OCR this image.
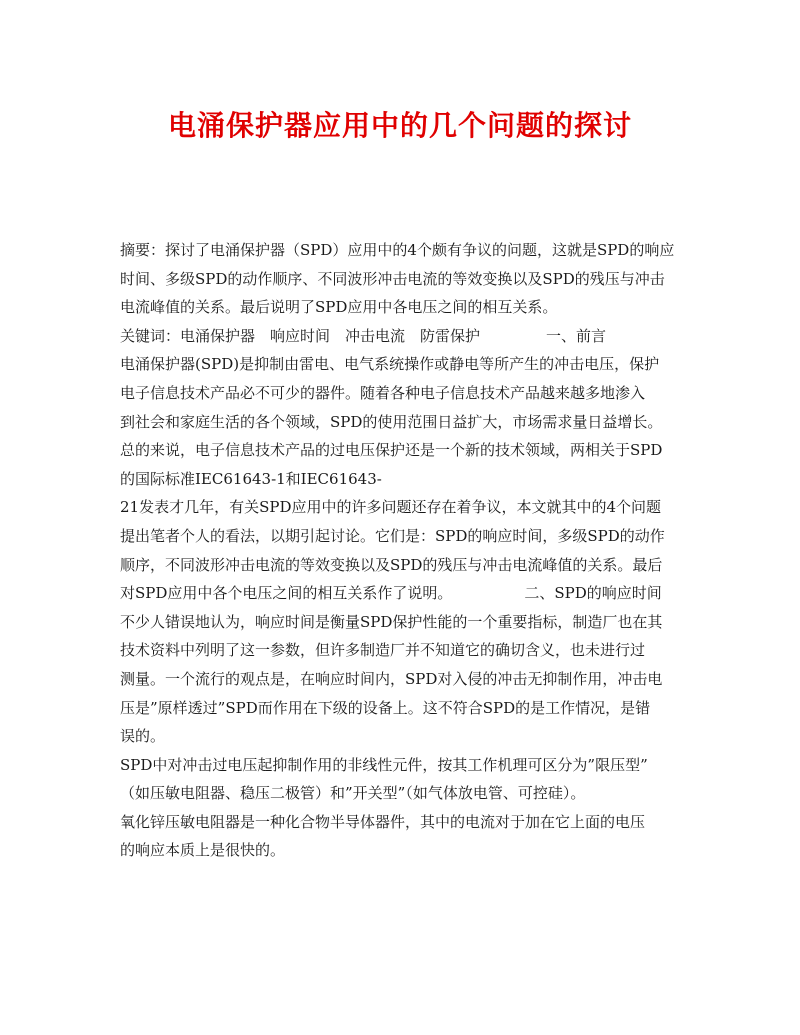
电涌保护器应用中的几个问题的探讨
摘要：探讨了电涌保护器（SPD）应用中的4个颇有争议的问题，这就是SPD的响应
时间、多级SPD的动作顺序、不同波形冲击电流的等效变换以及SPD的残压与冲击
电流峰值的关系。最后说明了SPD应用中各电压之间的相互关系。
关键词：电涌保护器　响应时间　冲击电流　防雷保护	一、前言
电涌保护器(SPD)是抑制由雷电、电气系统操作或静电等所产生的冲击电压，保护
电子信息技术产品必不可少的器件。随着各种电子信息技术产品越来越多地渗入
到社会和家庭生活的各个领域，SPD的使用范围日益扩大，市场需求量日益增长。
总的来说，电子信息技术产品的过电压保护还是一个新的技术领域，两相关于SPD
的国际标准IEC61643-1和IEC61643-
21发表才几年，有关SPD应用中的许多问题还存在着争议，本文就其中的4个问题
提出笔者个人的看法，以期引起讨论。它们是：SPD的响应时间，多级SPD的动作
顺序，不同波形冲击电流的等效变换以及SPD的残压与冲击电流峰值的关系。最后
对SPD应用中各个电压之间的相互关系作了说明。	二、SPD的响应时间
不少人错误地认为，响应时间是衡量SPD保护性能的一个重要指标，制造厂也在其
技术资料中列明了这一参数，但许多制造厂并不知道它的确切含义，也未进行过
测量。一个流行的观点是，在响应时间内，SPD对入侵的冲击无抑制作用，冲击电
压是”原样透过”SPD而作用在下级的设备上。这不符合SPD的是工作情况，是错
误的。
SPD中对冲击过电压起抑制作用的非线性元件，按其工作机理可区分为”限压型”
（如压敏电阻器、稳压二极管）和”开关型”（如气体放电管、可控硅）。
氧化锌压敏电阻器是一种化合物半导体器件，其中的电流对于加在它上面的电压
的响应本质上是很快的。
